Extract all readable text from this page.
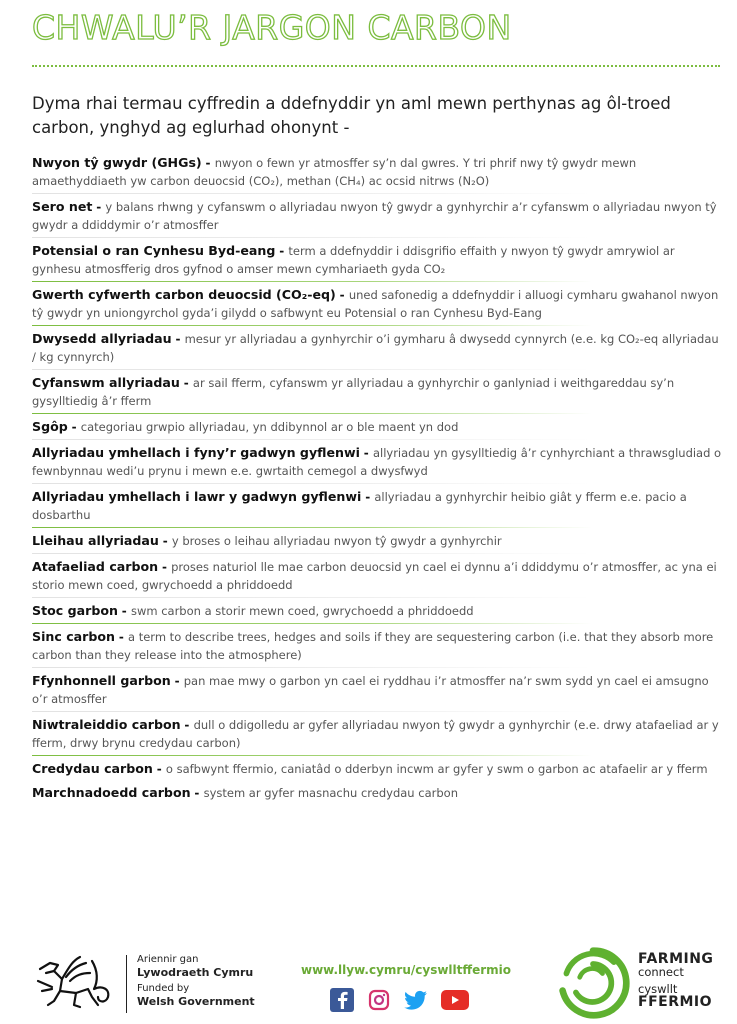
CHWALU’R JARGON CARBON
Dyma rhai termau cyffredin a ddefnyddir yn aml mewn perthynas ag ôl-troed carbon, ynghyd ag eglurhad ohonynt -
Nwyon tŷ gwydr (GHGs) - nwyon o fewn yr atmosffer sy’n dal gwres. Y tri phrif nwy tŷ gwydr mewn amaethyddiaeth yw carbon deuocsid (CO₂), methan (CH₄) ac ocsid nitrws (N₂O)
Sero net - y balans rhwng y cyfanswm o allyriadau nwyon tŷ gwydr a gynhyrchir a’r cyfanswm o allyriadau nwyon tŷ gwydr a ddiddymir o’r atmosffer
Potensial o ran Cynhesu Byd-eang - term a ddefnyddir i ddisgrifio effaith y nwyon tŷ gwydr amrywiol ar gynhesu atmosfferig dros gyfnod o amser mewn cymhariaeth gyda CO₂
Gwerth cyfwerth carbon deuocsid (CO₂-eq) - uned safonedig a ddefnyddir i alluogi cymharu gwahanol nwyon tŷ gwydr yn uniongyrchol gyda’i gilydd o safbwynt eu Potensial o ran Cynhesu Byd-Eang
Dwysedd allyriadau - mesur yr allyriadau a gynhyrchir o’i gymharu â dwysedd cynnyrch (e.e. kg CO₂-eq allyriadau / kg cynnyrch)
Cyfanswm allyriadau - ar sail fferm, cyfanswm yr allyriadau a gynhyrchir o ganlyniad i weithgareddau sy’n gysylltiedig â’r fferm
Sgôp - categoriau grwpio allyriadau, yn ddibynnol ar o ble maent yn dod
Allyriadau ymhellach i fyny’r gadwyn gyflenwi - allyriadau yn gysylltiedig â’r cynhyrchiant a thrawsgludiad o fewnbynnau wedi’u prynu i mewn e.e. gwrtaith cemegol a dwysfwyd
Allyriadau ymhellach i lawr y gadwyn gyflenwi - allyriadau a gynhyrchir heibio giât y fferm e.e. pacio a dosbarthu
Lleihau allyriadau - y broses o leihau allyriadau nwyon tŷ gwydr a gynhyrchir
Atafaeliad carbon - proses naturiol lle mae carbon deuocsid yn cael ei dynnu a’i ddiddymu o’r atmosffer, ac yna ei storio mewn coed, gwrychoedd a phriddoedd
Stoc garbon - swm carbon a storir mewn coed, gwrychoedd a phriddoedd
Sinc carbon - a term to describe trees, hedges and soils if they are sequestering carbon (i.e. that they absorb more carbon than they release into the atmosphere)
Ffynhonnell garbon - pan mae mwy o garbon yn cael ei ryddhau i’r atmosffer na’r swm sydd yn cael ei amsugno o’r atmosffer
Niwtraleiddio carbon - dull o ddigolledu ar gyfer allyriadau nwyon tŷ gwydr a gynhyrchir (e.e. drwy atafaeliad ar y fferm, drwy brynu credydau carbon)
Credydau carbon - o safbwynt ffermio, caniatâd o dderbyn incwm ar gyfer y swm o garbon ac atafaelir ar y fferm
Marchnadoedd carbon - system ar gyfer masnachu credydau carbon
Ariennir gan
Lywodraeth Cymru
Funded by
Welsh Government
www.llyw.cymru/cyswlltffermio
FARMING
connect
cyswllt
FFERMIO
